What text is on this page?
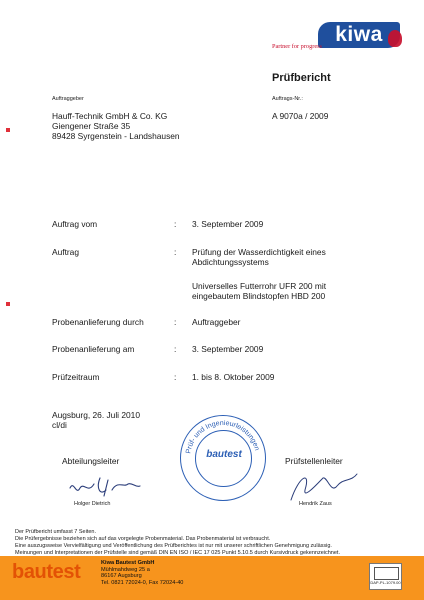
kiwa
Partner for progress
Prüfbericht
Auftraggeber	Auftrags-Nr.:
Hauff-Technik GmbH & Co. KG
Giengener Straße 35
89428 Syrgenstein - Landshausen
A 9070a / 2009
Auftrag vom	: 3. September 2009
Auftrag	: Prüfung der Wasserdichtigkeit eines
Abdichtungssystems
Universelles Futterrohr UFR 200 mit
eingebautem Blindstopfen HBD 200
Probenanlieferung durch	: Auftraggeber
Probenanlieferung am	: 3. September 2009
Prüfzeitraum	: 1. bis 8. Oktober 2009
Augsburg, 26. Juli 2010
cl/di
Abteilungsleiter
Holger Dietrich
Prüfstellenleiter
Hendrik Zaus
bautest
Prüf- und Ingenieurleistungen
Der Prüfbericht umfasst 7 Seiten.
Die Prüfergebnisse beziehen sich auf das vorgelegte Probenmaterial. Das Probenmaterial ist verbraucht.
Eine auszugsweise Vervielfältigung und Veröffentlichung des Prüfberichtes ist nur mit unserer schriftlichen Genehmigung zulässig.
Meinungen und Interpretationen der Prüfstelle sind gemäß DIN EN ISO / IEC 17 025 Punkt 5.10.5 durch Kursivdruck gekennzeichnet.
bautest	Kiwa Bautest GmbH
Mühlmahdweg 25 a
86167 Augsburg
Tel. 0821 72024-0, Fax 72024-40	DAP-PL-1079.00
